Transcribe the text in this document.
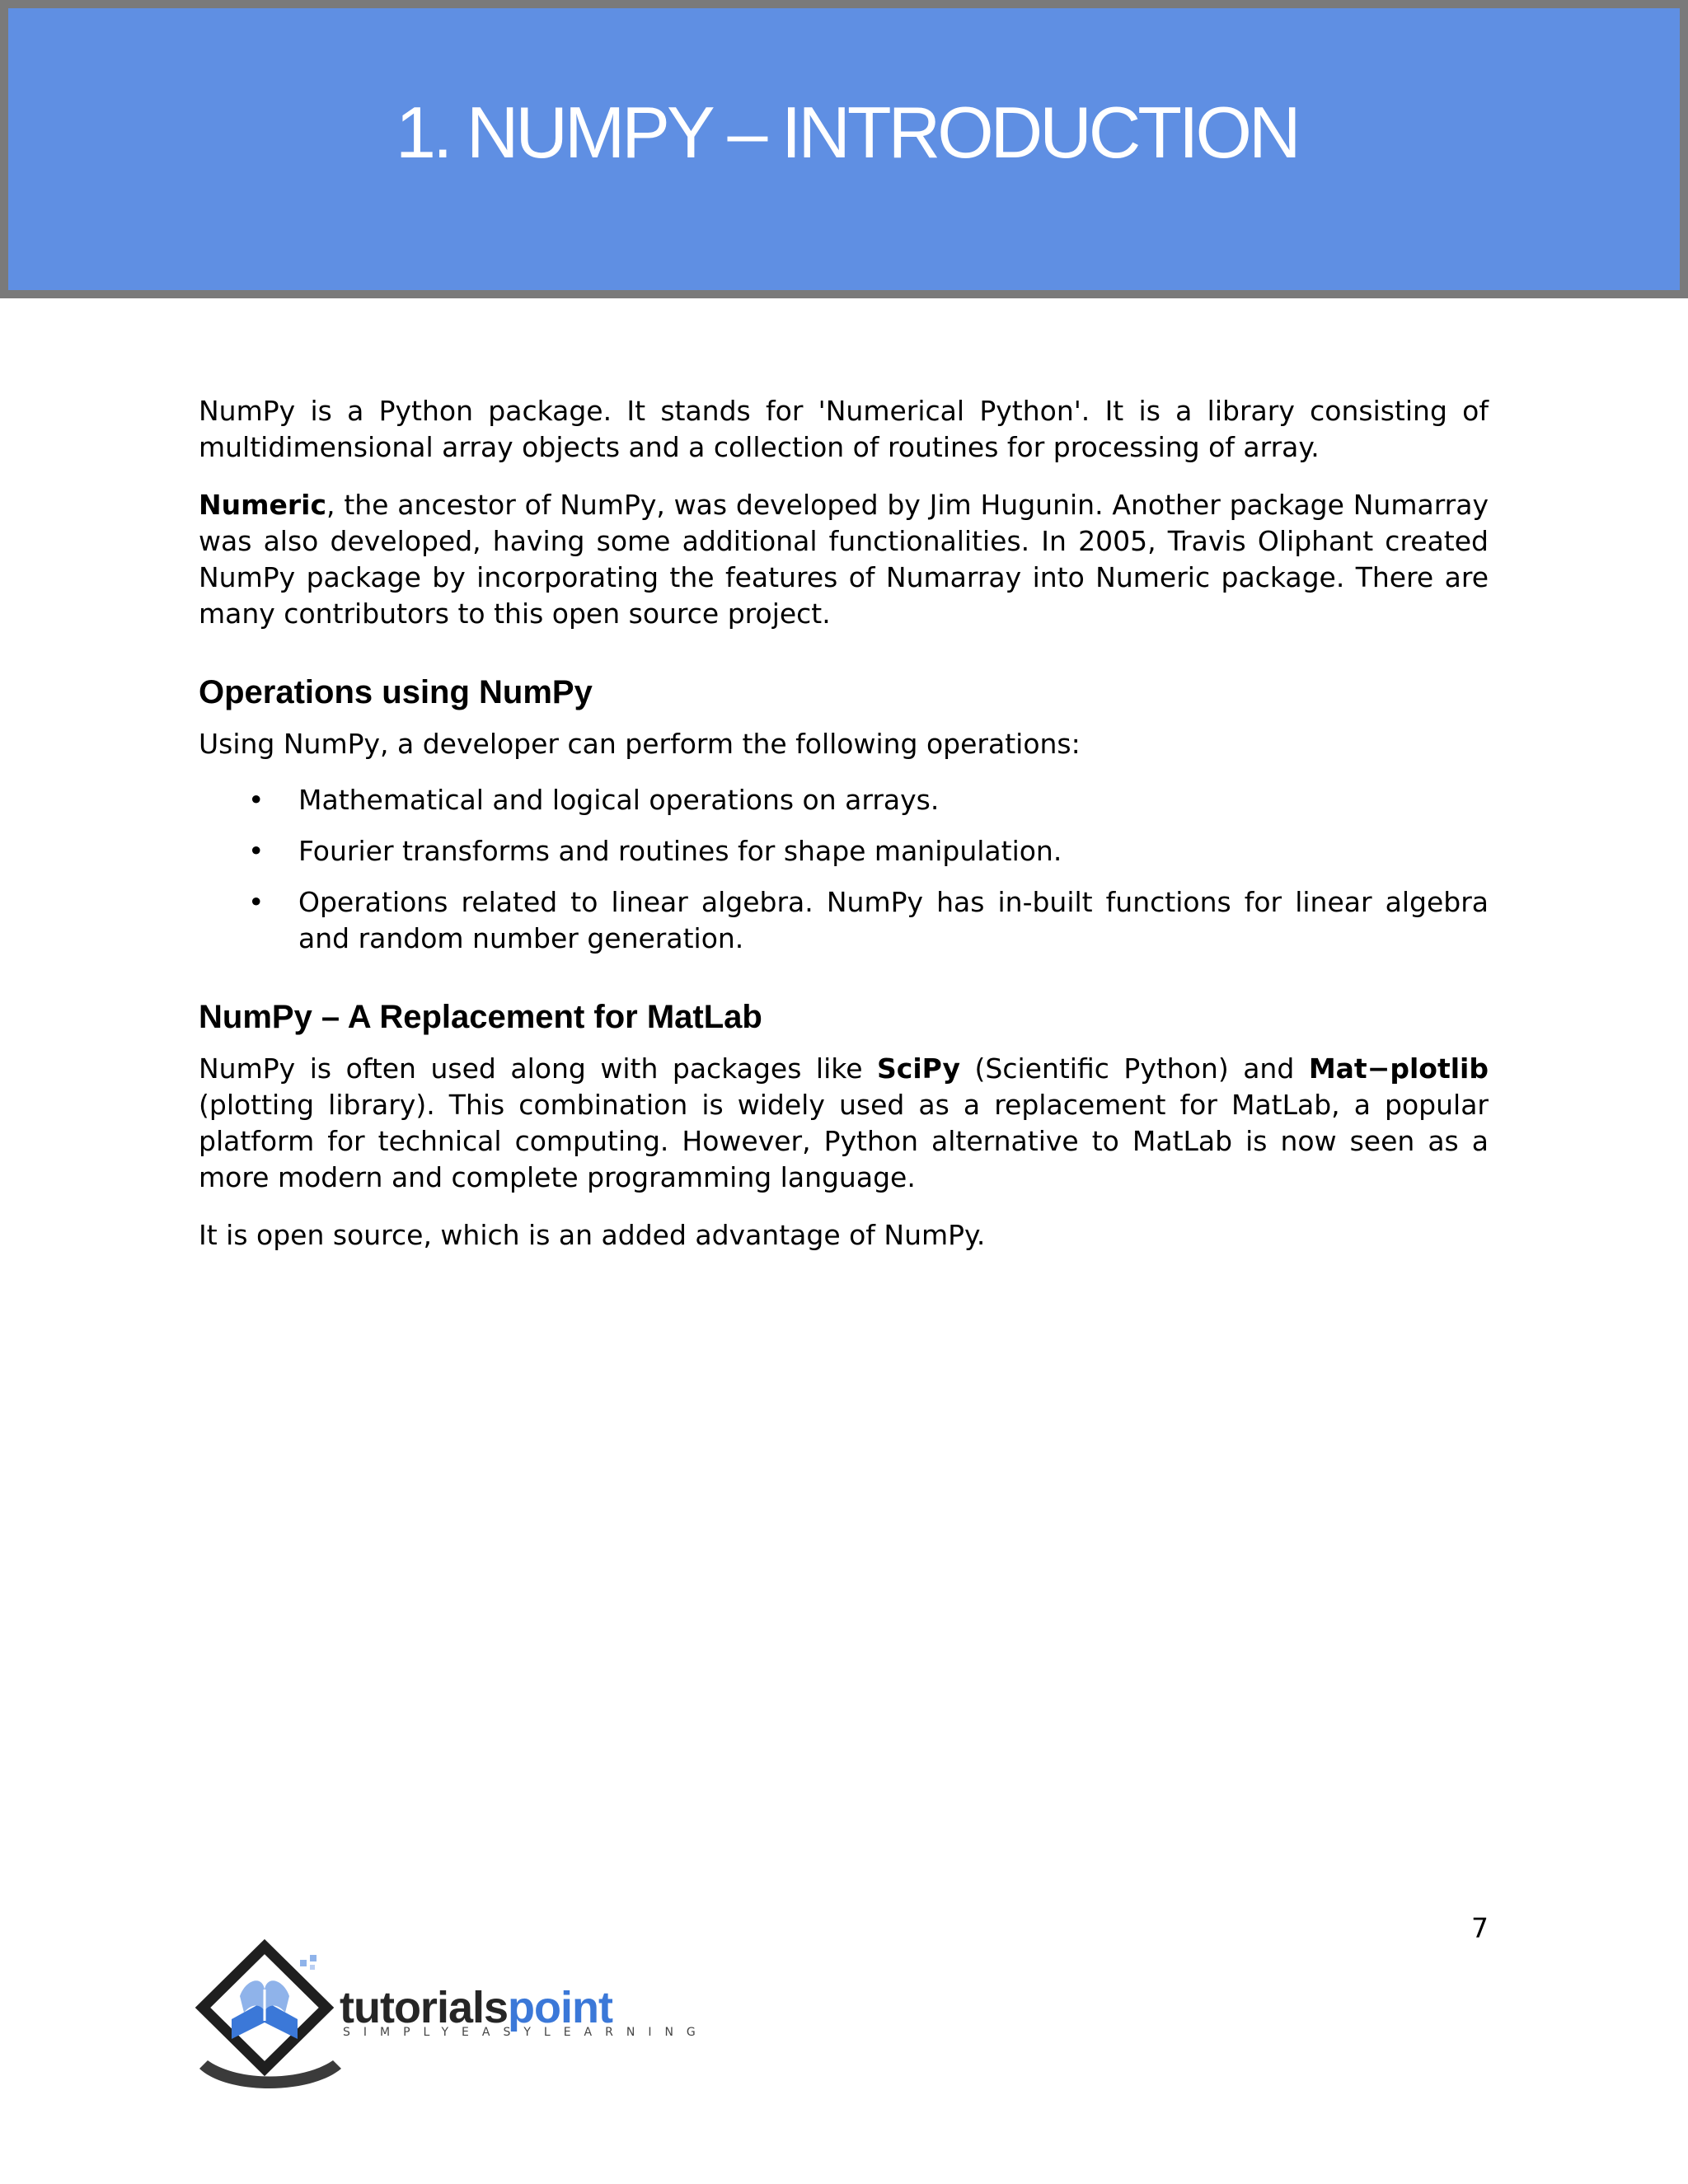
1. NUMPY – INTRODUCTION

NumPy is a Python package. It stands for 'Numerical Python'. It is a library consisting of multidimensional array objects and a collection of routines for processing of array.

Numeric, the ancestor of NumPy, was developed by Jim Hugunin. Another package Numarray was also developed, having some additional functionalities. In 2005, Travis Oliphant created NumPy package by incorporating the features of Numarray into Numeric package. There are many contributors to this open source project.

Operations using NumPy

Using NumPy, a developer can perform the following operations:

• Mathematical and logical operations on arrays.
• Fourier transforms and routines for shape manipulation.
• Operations related to linear algebra. NumPy has in-built functions for linear algebra and random number generation.
NumPy – A Replacement for MatLab

NumPy is often used along with packages like SciPy (Scientific Python) and Mat−plotlib (plotting library). This combination is widely used as a replacement for MatLab, a popular platform for technical computing. However, Python alternative to MatLab is now seen as a more modern and complete programming language.

It is open source, which is an added advantage of NumPy.

7
tutorialspoint
SIMPLYEASYLEARNING
